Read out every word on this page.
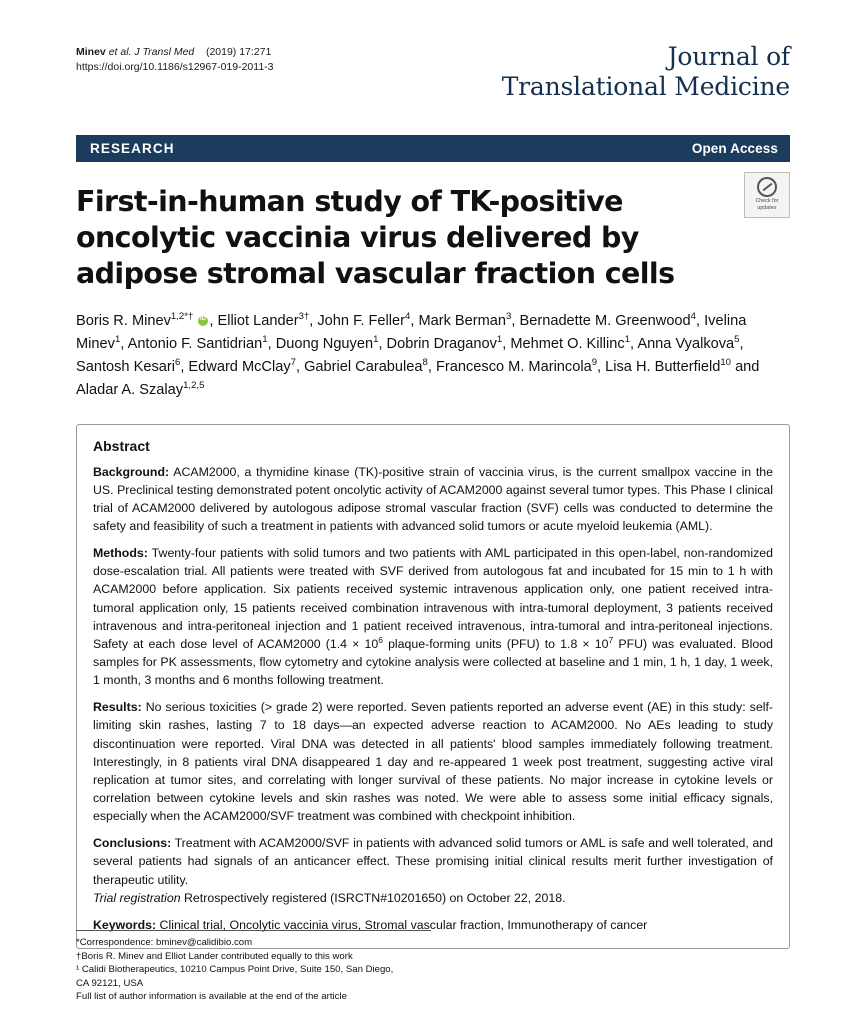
Minev et al. J Transl Med (2019) 17:271
https://doi.org/10.1186/s12967-019-2011-3	Journal of
Translational Medicine
RESEARCH	Open Access
First-in-human study of TK-positive oncolytic vaccinia virus delivered by adipose stromal vascular fraction cells
Check for
updates
Boris R. Minev$^{1,2*\dagger}$ iD , Elliot Lander$^{3\dagger}$, John F. Feller$^4$, Mark Berman$^3$, Bernadette M. Greenwood$^4$, Ivelina Minev$^1$, Antonio F. Santidrian$^1$, Duong Nguyen$^1$, Dobrin Draganov$^1$, Mehmet O. Killinc$^1$, Anna Vyalkova$^5$, Santosh Kesari$^6$, Edward McClay$^7$, Gabriel Carabulea$^8$, Francesco M. Marincola$^9$, Lisa H. Butterfield$^{10}$ and Aladar A. Szalay$^{1,2,5}$
Abstract

Background: ACAM2000, a thymidine kinase (TK)-positive strain of vaccinia virus, is the current smallpox vaccine in the US. Preclinical testing demonstrated potent oncolytic activity of ACAM2000 against several tumor types. This Phase I clinical trial of ACAM2000 delivered by autologous adipose stromal vascular fraction (SVF) cells was conducted to determine the safety and feasibility of such a treatment in patients with advanced solid tumors or acute myeloid leukemia (AML).

Methods: Twenty-four patients with solid tumors and two patients with AML participated in this open-label, non-randomized dose-escalation trial. All patients were treated with SVF derived from autologous fat and incubated for 15 min to 1 h with ACAM2000 before application. Six patients received systemic intravenous application only, one patient received intra-tumoral application only, 15 patients received combination intravenous with intra-tumoral deployment, 3 patients received intravenous and intra-peritoneal injection and 1 patient received intravenous, intra-tumoral and intra-peritoneal injections. Safety at each dose level of ACAM2000 ($1.4 \times 10^6$ plaque-forming units (PFU) to $1.8 \times 10^7$ PFU) was evaluated. Blood samples for PK assessments, flow cytometry and cytokine analysis were collected at baseline and 1 min, 1 h, 1 day, 1 week, 1 month, 3 months and 6 months following treatment.

Results: No serious toxicities (> grade 2) were reported. Seven patients reported an adverse event (AE) in this study: self-limiting skin rashes, lasting 7 to 18 days—an expected adverse reaction to ACAM2000. No AEs leading to study discontinuation were reported. Viral DNA was detected in all patients' blood samples immediately following treatment. Interestingly, in 8 patients viral DNA disappeared 1 day and re-appeared 1 week post treatment, suggesting active viral replication at tumor sites, and correlating with longer survival of these patients. No major increase in cytokine levels or correlation between cytokine levels and skin rashes was noted. We were able to assess some initial efficacy signals, especially when the ACAM2000/SVF treatment was combined with checkpoint inhibition.

Conclusions: Treatment with ACAM2000/SVF in patients with advanced solid tumors or AML is safe and well tolerated, and several patients had signals of an anticancer effect. These promising initial clinical results merit further investigation of therapeutic utility.

Trial registration Retrospectively registered (ISRCTN#10201650) on October 22, 2018.

Keywords: Clinical trial, Oncolytic vaccinia virus, Stromal vascular fraction, Immunotherapy of cancer

*Correspondence: bminev@calidibio.com
†Boris R. Minev and Elliot Lander contributed equally to this work
¹ Calidi Biotherapeutics, 10210 Campus Point Drive, Suite 150, San Diego,
CA 92121, USA
Full list of author information is available at the end of the article
